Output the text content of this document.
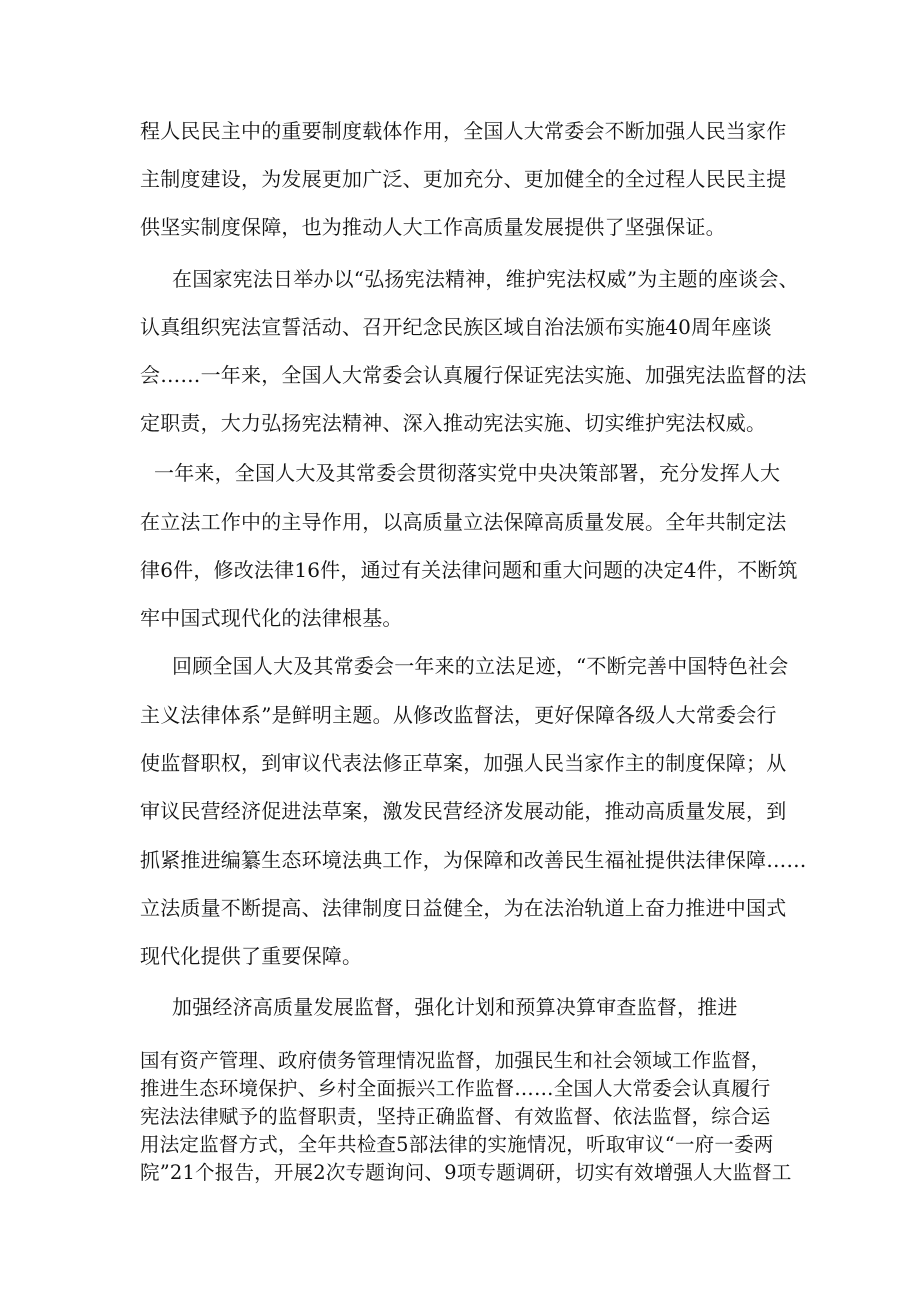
程人民民主中的重要制度载体作用，全国人大常委会不断加强人民当家作

主制度建设，为发展更加广泛、更加充分、更加健全的全过程人民民主提

供坚实制度保障，也为推动人大工作高质量发展提供了坚强保证。

在国家宪法日举办以“弘扬宪法精神，维护宪法权威”为主题的座谈会、

认真组织宪法宣誓活动、召开纪念民族区域自治法颁布实施40周年座谈

会……一年来，全国人大常委会认真履行保证宪法实施、加强宪法监督的法

定职责，大力弘扬宪法精神、深入推动宪法实施、切实维护宪法权威。

一年来，全国人大及其常委会贯彻落实党中央决策部署，充分发挥人大

在立法工作中的主导作用，以高质量立法保障高质量发展。全年共制定法

律6件，修改法律16件，通过有关法律问题和重大问题的决定4件，不断筑

牢中国式现代化的法律根基。

回顾全国人大及其常委会一年来的立法足迹，“不断完善中国特色社会

主义法律体系”是鲜明主题。从修改监督法，更好保障各级人大常委会行

使监督职权，到审议代表法修正草案，加强人民当家作主的制度保障；从

审议民营经济促进法草案，激发民营经济发展动能，推动高质量发展，到

抓紧推进编纂生态环境法典工作，为保障和改善民生福祉提供法律保障……

立法质量不断提高、法律制度日益健全，为在法治轨道上奋力推进中国式

现代化提供了重要保障。

加强经济高质量发展监督，强化计划和预算决算审查监督，推进

国有资产管理、政府债务管理情况监督，加强民生和社会领域工作监督，

推进生态环境保护、乡村全面振兴工作监督……全国人大常委会认真履行

宪法法律赋予的监督职责，坚持正确监督、有效监督、依法监督，综合运

用法定监督方式，全年共检查5部法律的实施情况，听取审议“一府一委两

院”21个报告，开展2次专题询问、9项专题调研，切实有效增强人大监督工
